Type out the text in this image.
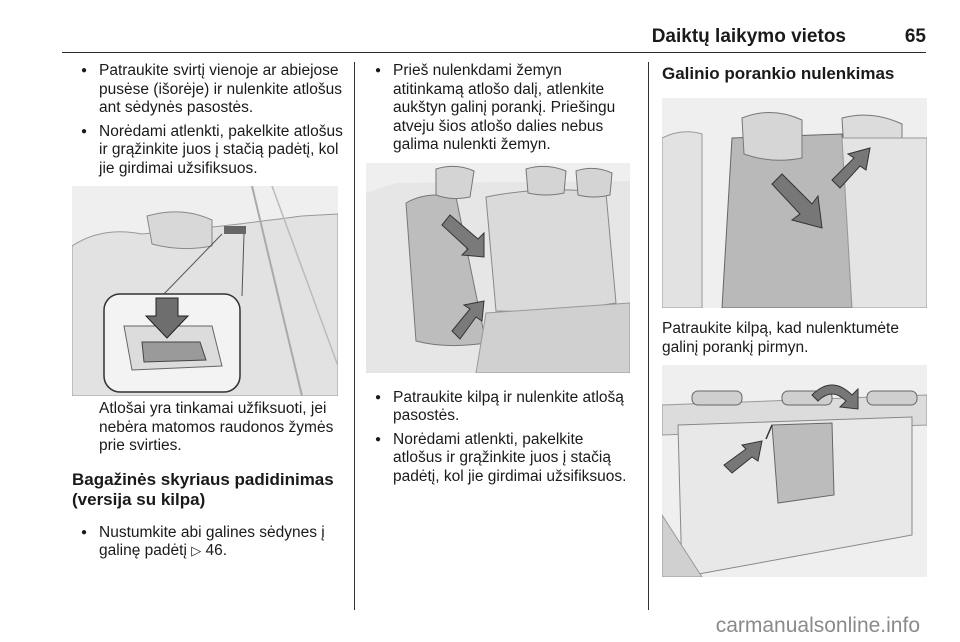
Daiktų laikymo vietos	65
● Patraukite svirtį vienoje ar abiejose pusėse (išorėje) ir nulenkite atlošus ant sėdynės pasostės.
● Norėdami atlenkti, pakelkite atlošus ir grąžinkite juos į stačią padėtį, kol jie girdimai užsifiksuos.
Atlošai yra tinkamai užfiksuoti, jei nebėra matomos raudonos žymės prie svirties.
Bagažinės skyriaus padidinimas (versija su kilpa)
● Nustumkite abi galines sėdynes į galinę padėtį ▷ 46.
● Prieš nulenkdami žemyn atitinkamą atlošo dalį, atlenkite aukštyn galinį porankį. Priešingu atveju šios atlošo dalies nebus galima nulenkti žemyn.
● Patraukite kilpą ir nulenkite atlošą pasostės.
● Norėdami atlenkti, pakelkite atlošus ir grąžinkite juos į stačią padėtį, kol jie girdimai užsifiksuos.
Galinio porankio nulenkimas
Patraukite kilpą, kad nulenktumėte galinį porankį pirmyn.
carmanualsonline.info
